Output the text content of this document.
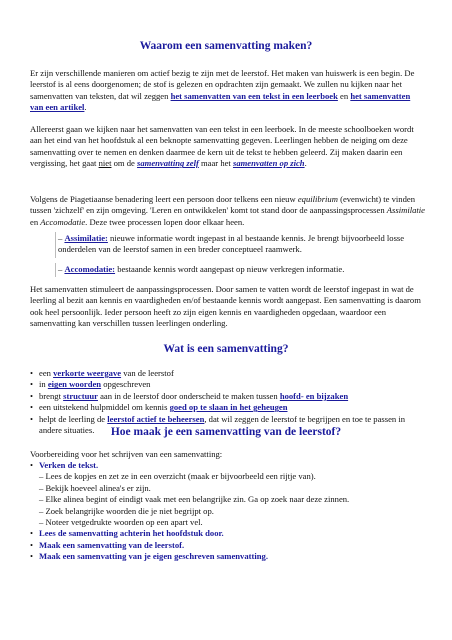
Waarom een samenvatting maken?

Er zijn verschillende manieren om actief bezig te zijn met de leerstof. Het maken van huiswerk is een begin. De leerstof is al eens doorgenomen; de stof is gelezen en opdrachten zijn gemaakt. We zullen nu kijken naar het samenvatten van teksten, dat wil zeggen het samenvatten van een tekst in een leerboek en het samenvatten van een artikel.

Allereerst gaan we kijken naar het samenvatten van een tekst in een leerboek. In de meeste schoolboeken wordt aan het eind van het hoofdstuk al een beknopte samenvatting gegeven. Leerlingen hebben de neiging om deze samenvatting over te nemen en denken daarmee de kern uit de tekst te hebben geleerd. Zij maken daarin een vergissing, het gaat niet om de samenvatting zelf maar het samenvatten op zich.

Volgens de Piagetiaanse benadering leert een persoon door telkens een nieuw equilibrium (evenwicht) te vinden tussen 'zichzelf' en zijn omgeving. 'Leren en ontwikkelen' komt tot stand door de aanpassingsprocessen Assimilatie en Accomodatie. Deze twee processen lopen door elkaar heen.

– Assimilatie: nieuwe informatie wordt ingepast in al bestaande kennis. Je brengt bijvoorbeeld losse onderdelen van de leerstof samen in een breder conceptueel raamwerk.

– Accomodatie: bestaande kennis wordt aangepast op nieuw verkregen informatie.

Het samenvatten stimuleert de aanpassingsprocessen. Door samen te vatten wordt de leerstof ingepast in wat de leerling al bezit aan kennis en vaardigheden en/of bestaande kennis wordt aangepast. Een samenvatting is daarom ook heel persoonlijk. Ieder persoon heeft zo zijn eigen kennis en vaardigheden opgedaan, waardoor een samenvatting kan verschillen tussen leerlingen onderling.

Wat is een samenvatting?
• een verkorte weergave van de leerstof
• in eigen woorden opgeschreven
• brengt structuur aan in de leerstof door onderscheid te maken tussen hoofd- en bijzaken
• een uitstekend hulpmiddel om kennis goed op te slaan in het geheugen
• helpt de leerling de leerstof actief te beheersen, dat wil zeggen de leerstof te begrijpen en toe te passen in andere situaties.	Hoe maak je een samenvatting van de leerstof?

Voorbereiding voor het schrijven van een samenvatting:

• Verken de tekst.
– Lees de kopjes en zet ze in een overzicht (maak er bijvoorbeeld een rijtje van).
– Bekijk hoeveel alinea's er zijn.
– Elke alinea begint of eindigt vaak met een belangrijke zin. Ga op zoek naar deze zinnen.
– Zoek belangrijke woorden die je niet begrijpt op.
– Noteer vetgedrukte woorden op een apart vel.
• Lees de samenvatting achterin het hoofdstuk door.
• Maak een samenvatting van de leerstof.
• Maak een samenvatting van je eigen geschreven samenvatting.
